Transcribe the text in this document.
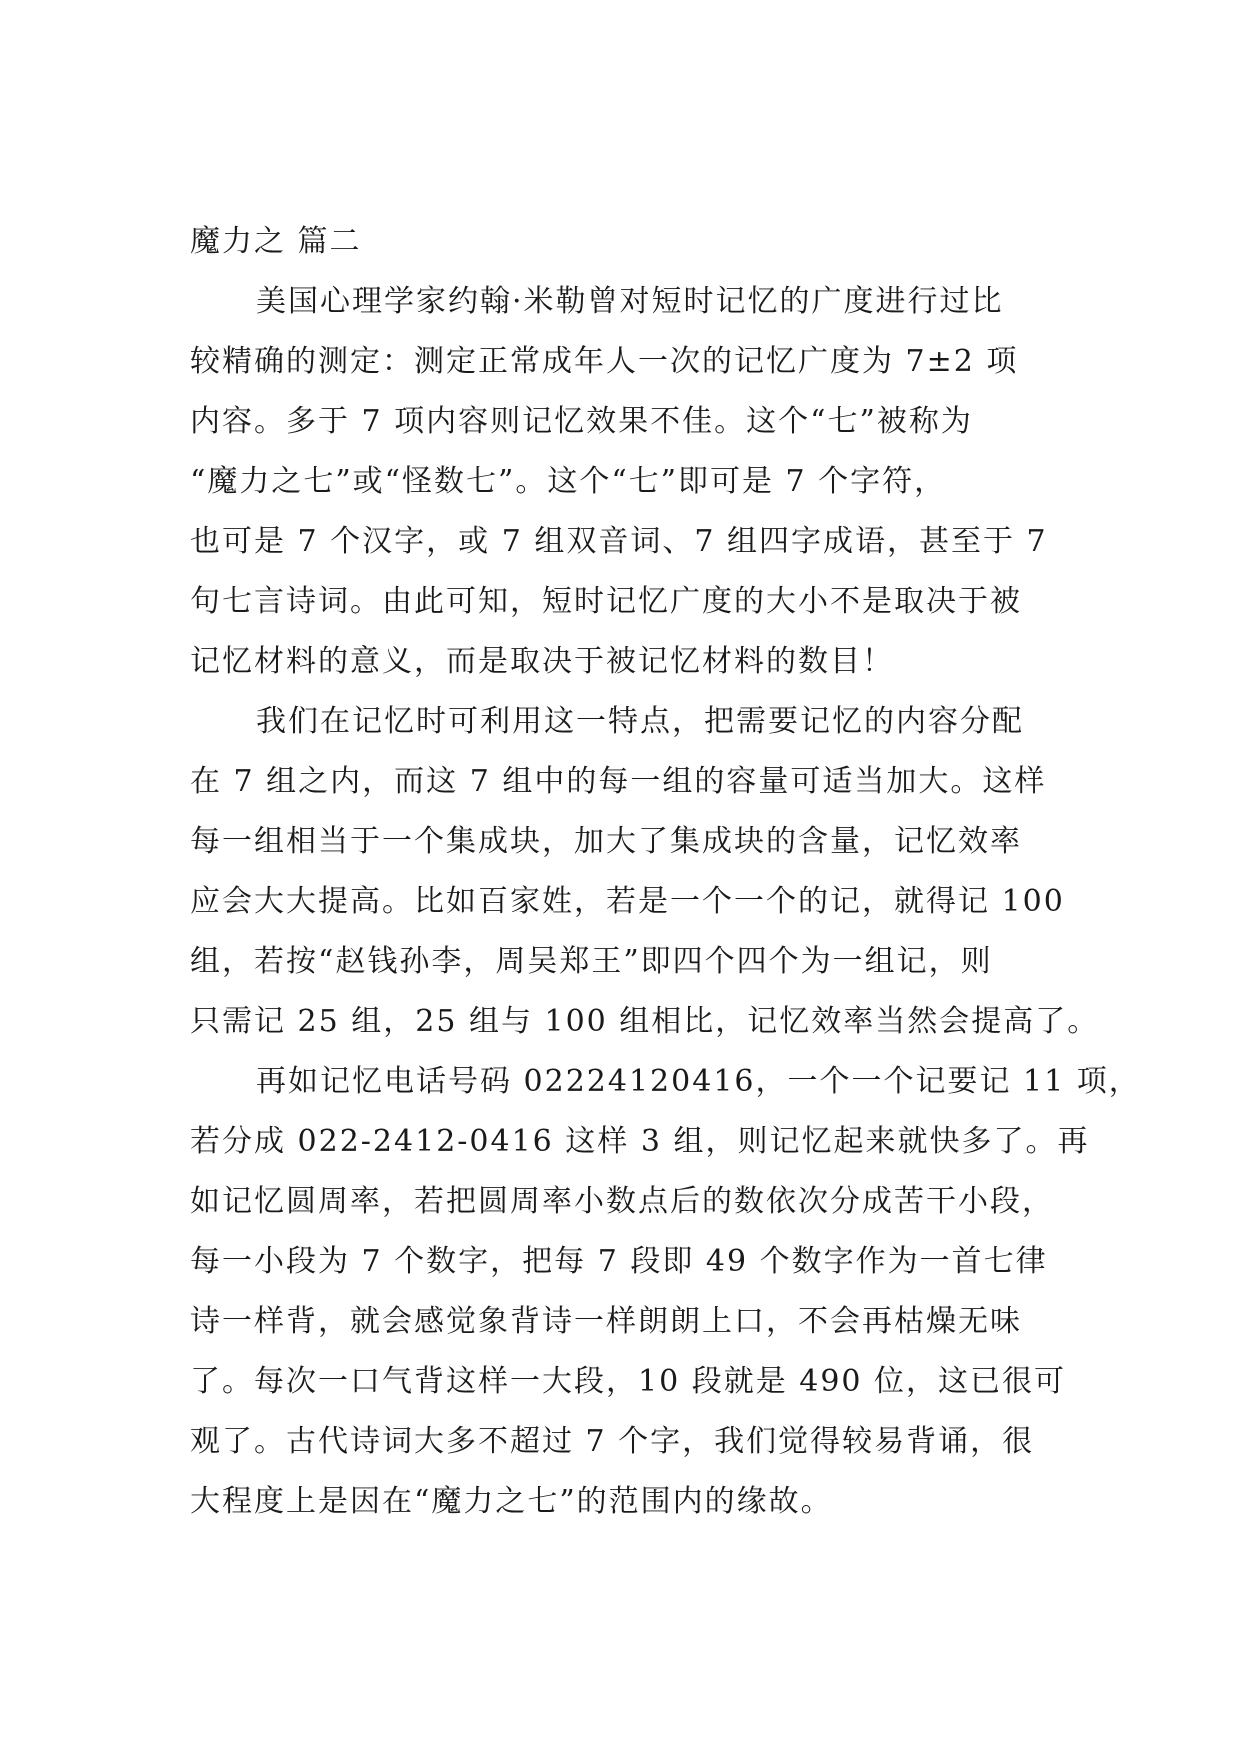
魔力之 篇二
美国心理学家约翰·米勒曾对短时记忆的广度进行过比
较精确的测定：测定正常成年人一次的记忆广度为 7±2 项
内容。多于 7 项内容则记忆效果不佳。这个“七”被称为
“魔力之七”或“怪数七”。这个“七”即可是 7 个字符，
也可是 7 个汉字，或 7 组双音词、7 组四字成语，甚至于 7
句七言诗词。由此可知，短时记忆广度的大小不是取决于被
记忆材料的意义，而是取决于被记忆材料的数目！
我们在记忆时可利用这一特点，把需要记忆的内容分配
在 7 组之内，而这 7 组中的每一组的容量可适当加大。这样
每一组相当于一个集成块，加大了集成块的含量，记忆效率
应会大大提高。比如百家姓，若是一个一个的记，就得记 100
组，若按“赵钱孙李，周吴郑王”即四个四个为一组记，则
只需记 25 组，25 组与 100 组相比，记忆效率当然会提高了。
再如记忆电话号码 02224120416，一个一个记要记 11 项，
若分成 022-2412-0416 这样 3 组，则记忆起来就快多了。再
如记忆圆周率，若把圆周率小数点后的数依次分成苦干小段，
每一小段为 7 个数字，把每 7 段即 49 个数字作为一首七律
诗一样背，就会感觉象背诗一样朗朗上口，不会再枯燥无味
了。每次一口气背这样一大段，10 段就是 490 位，这已很可
观了。古代诗词大多不超过 7 个字，我们觉得较易背诵，很
大程度上是因在“魔力之七”的范围内的缘故。
